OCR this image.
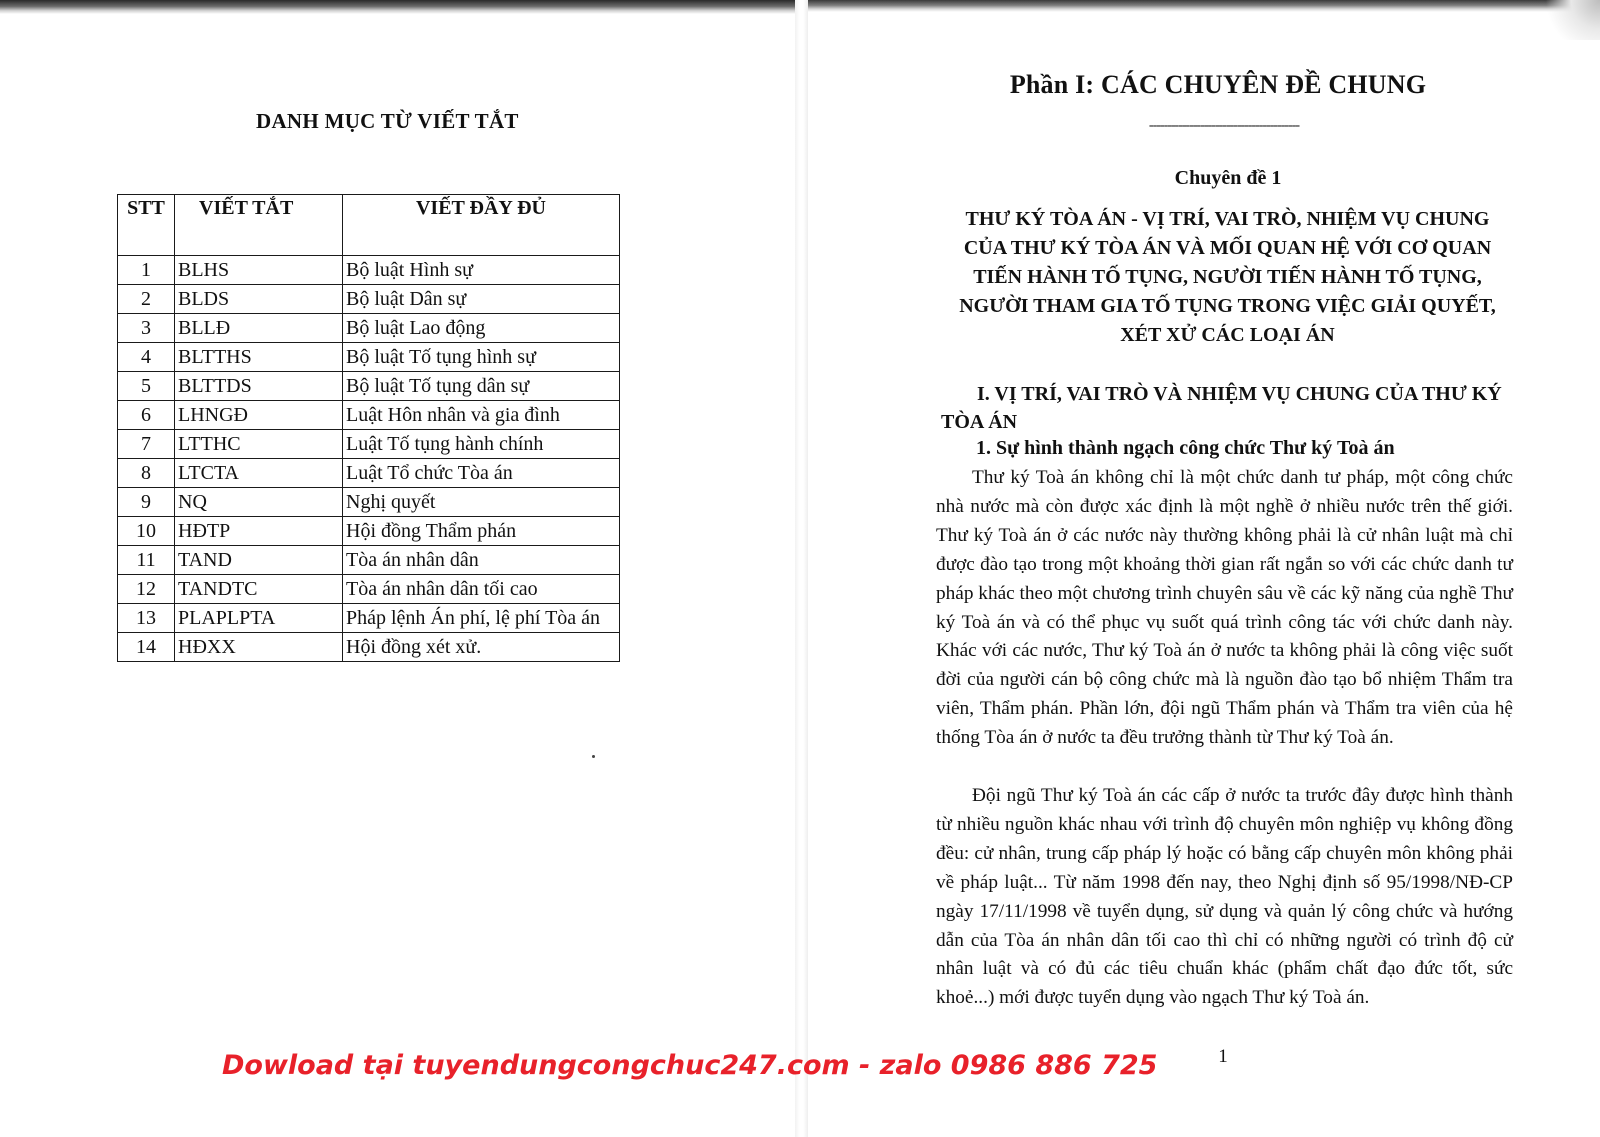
DANH MỤC TỪ VIẾT TẮT
STT	VIẾT TẮT	VIẾT ĐẦY ĐỦ
1	BLHS	Bộ luật Hình sự
2	BLDS	Bộ luật Dân sự
3	BLLĐ	Bộ luật Lao động
4	BLTTHS	Bộ luật Tố tụng hình sự
5	BLTTDS	Bộ luật Tố tụng dân sự
6	LHNGĐ	Luật Hôn nhân và gia đình
7	LTTHC	Luật Tố tụng hành chính
8	LTCTA	Luật Tổ chức Tòa án
9	NQ	Nghị quyết
10	HĐTP	Hội đồng Thẩm phán
11	TAND	Tòa án nhân dân
12	TANDTC	Tòa án nhân dân tối cao
13	PLAPLPTA	Pháp lệnh Án phí, lệ phí Tòa án
14	HĐXX	Hội đồng xét xử.
Phần I: CÁC CHUYÊN ĐỀ CHUNG
-----------------------------------------
Chuyên đề 1
THƯ KÝ TÒA ÁN - VỊ TRÍ, VAI TRÒ, NHIỆM VỤ CHUNG
CỦA THƯ KÝ TÒA ÁN VÀ MỐI QUAN HỆ VỚI CƠ QUAN
TIẾN HÀNH TỐ TỤNG, NGƯỜI TIẾN HÀNH TỐ TỤNG,
NGƯỜI THAM GIA TỐ TỤNG TRONG VIỆC GIẢI QUYẾT,
XÉT XỬ CÁC LOẠI ÁN
I. VỊ TRÍ, VAI TRÒ VÀ NHIỆM VỤ CHUNG CỦA THƯ KÝ TÒA ÁN
1. Sự hình thành ngạch công chức Thư ký Toà án

Thư ký Toà án không chỉ là một chức danh tư pháp, một công chức nhà nước mà còn được xác định là một nghề ở nhiều nước trên thế giới. Thư ký Toà án ở các nước này thường không phải là cử nhân luật mà chỉ được đào tạo trong một khoảng thời gian rất ngắn so với các chức danh tư pháp khác theo một chương trình chuyên sâu về các kỹ năng của nghề Thư ký Toà án và có thể phục vụ suốt quá trình công tác với chức danh này. Khác với các nước, Thư ký Toà án ở nước ta không phải là công việc suốt đời của người cán bộ công chức mà là nguồn đào tạo bổ nhiệm Thẩm tra viên, Thẩm phán. Phần lớn, đội ngũ Thẩm phán và Thẩm tra viên của hệ thống Tòa án ở nước ta đều trưởng thành từ Thư ký Toà án.

Đội ngũ Thư ký Toà án các cấp ở nước ta trước đây được hình thành từ nhiều nguồn khác nhau với trình độ chuyên môn nghiệp vụ không đồng đều: cử nhân, trung cấp pháp lý hoặc có bằng cấp chuyên môn không phải về pháp luật... Từ năm 1998 đến nay, theo Nghị định số 95/1998/NĐ-CP ngày 17/11/1998 về tuyển dụng, sử dụng và quản lý công chức và hướng dẫn của Tòa án nhân dân tối cao thì chỉ có những người có trình độ cử nhân luật và có đủ các tiêu chuẩn khác (phẩm chất đạo đức tốt, sức khoẻ...) mới được tuyển dụng vào ngạch Thư ký Toà án.

1
Dowload tại tuyendungcongchuc247.com - zalo 0986 886 725
